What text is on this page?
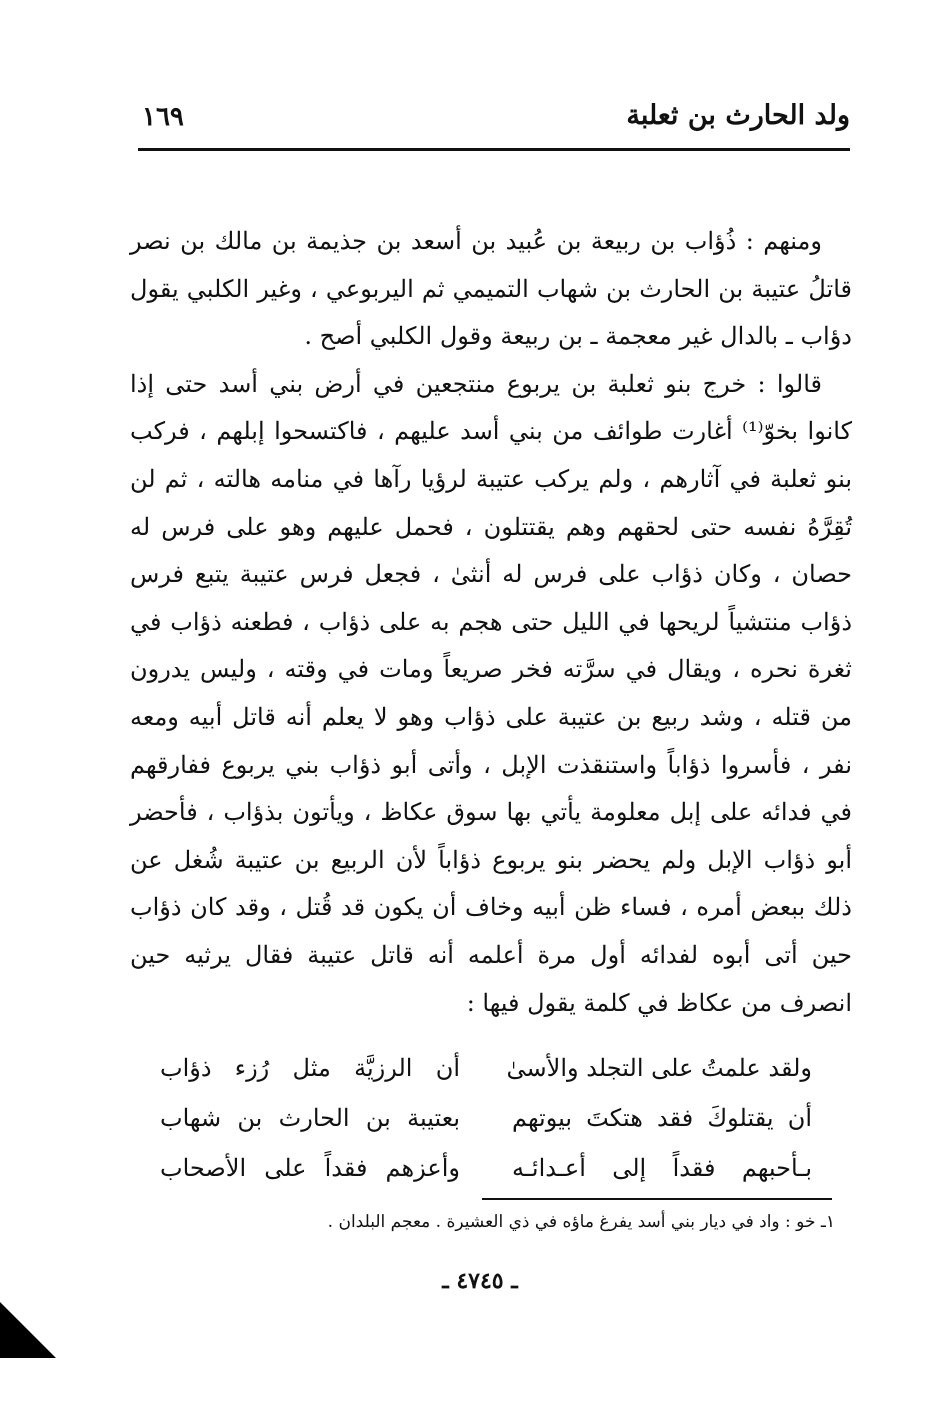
ولد الحارث بن ثعلبة
١٦٩

ومنهم : ذُؤاب بن ربيعة بن عُبيد بن أسعد بن جذيمة بن مالك بن نصر قاتلُ عتيبة بن الحارث بن شهاب التميمي ثم اليربوعي ، وغير الكلبي يقول دؤاب ـ بالدال غير معجمة ـ بن ربيعة وقول الكلبي أصح .

قالوا : خرج بنو ثعلبة بن يربوع منتجعين في أرض بني أسد حتى إذا كانوا بخوّ⁽¹⁾ أغارت طوائف من بني أسد عليهم ، فاكتسحوا إبلهم ، فركب بنو ثعلبة في آثارهم ، ولم يركب عتيبة لرؤيا رآها في منامه هالته ، ثم لن تُقِرَّهُ نفسه حتى لحقهم وهم يقتتلون ، فحمل عليهم وهو على فرس له حصان ، وكان ذؤاب على فرس له أنثىٰ ، فجعل فرس عتيبة يتبع فرس ذؤاب منتشياً لريحها في الليل حتى هجم به على ذؤاب ، فطعنه ذؤاب في ثغرة نحره ، ويقال في سرَّته فخر صريعاً ومات في وقته ، وليس يدرون من قتله ، وشد ربيع بن عتيبة على ذؤاب وهو لا يعلم أنه قاتل أبيه ومعه نفر ، فأسروا ذؤاباً واستنقذت الإبل ، وأتى أبو ذؤاب بني يربوع ففارقهم في فدائه على إبل معلومة يأتي بها سوق عكاظ ، ويأتون بذؤاب ، فأحضر أبو ذؤاب الإبل ولم يحضر بنو يربوع ذؤاباً لأن الربيع بن عتيبة شُغل عن ذلك ببعض أمره ، فساء ظن أبيه وخاف أن يكون قد قُتل ، وقد كان ذؤاب حين أتى أبوه لفدائه أول مرة أعلمه أنه قاتل عتيبة فقال يرثيه حين انصرف من عكاظ في كلمة يقول فيها :

ولقد علمتُ على التجلد والأسىٰ
أن الرزيَّة مثل رُزء ذؤاب
أن يقتلوكَ فقد هتكتَ بيوتهم
بعتيبة بن الحارث بن شهاب
بـأحبهم فقداً إلى أعـدائـه
وأعزهم فقداً على الأصحاب
١ـ خو : واد في ديار بني أسد يفرغ ماؤه في ذي العشيرة . معجم البلدان .
ـ ٤٧٤٥ ـ
